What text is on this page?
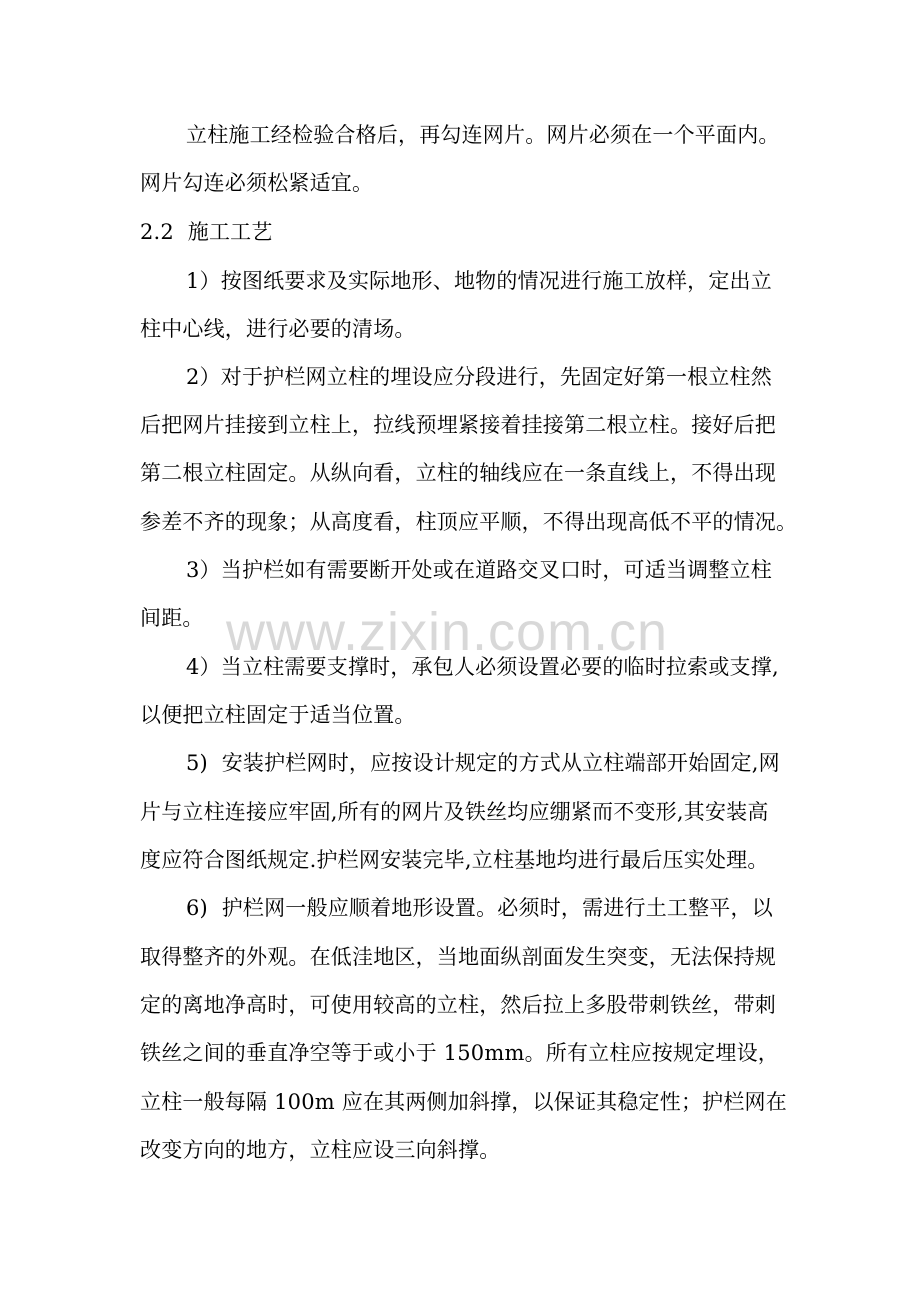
立柱施工经检验合格后，再勾连网片。网片必须在一个平面内。
网片勾连必须松紧适宜。
2.2  施工工艺
1）按图纸要求及实际地形、地物的情况进行施工放样，定出立
柱中心线，进行必要的清场。
2）对于护栏网立柱的埋设应分段进行，先固定好第一根立柱然
后把网片挂接到立柱上，拉线预埋紧接着挂接第二根立柱。接好后把
第二根立柱固定。从纵向看，立柱的轴线应在一条直线上，不得出现
参差不齐的现象；从高度看，柱顶应平顺，不得出现高低不平的情况。
3）当护栏如有需要断开处或在道路交叉口时，可适当调整立柱
间距。
4）当立柱需要支撑时，承包人必须设置必要的临时拉索或支撑,
以便把立柱固定于适当位置。
5)  安装护栏网时，应按设计规定的方式从立柱端部开始固定,网
片与立柱连接应牢固,所有的网片及铁丝均应绷紧而不变形,其安装高
度应符合图纸规定.护栏网安装完毕,立柱基地均进行最后压实处理。
6)  护栏网一般应顺着地形设置。必须时，需进行土工整平，以
取得整齐的外观。在低洼地区，当地面纵剖面发生突变，无法保持规
定的离地净高时，可使用较高的立柱，然后拉上多股带刺铁丝，带刺
铁丝之间的垂直净空等于或小于 150mm。所有立柱应按规定埋设，
立柱一般每隔 100m 应在其两侧加斜撑，以保证其稳定性；护栏网在
改变方向的地方，立柱应设三向斜撑。
www.zixin.com.cn
